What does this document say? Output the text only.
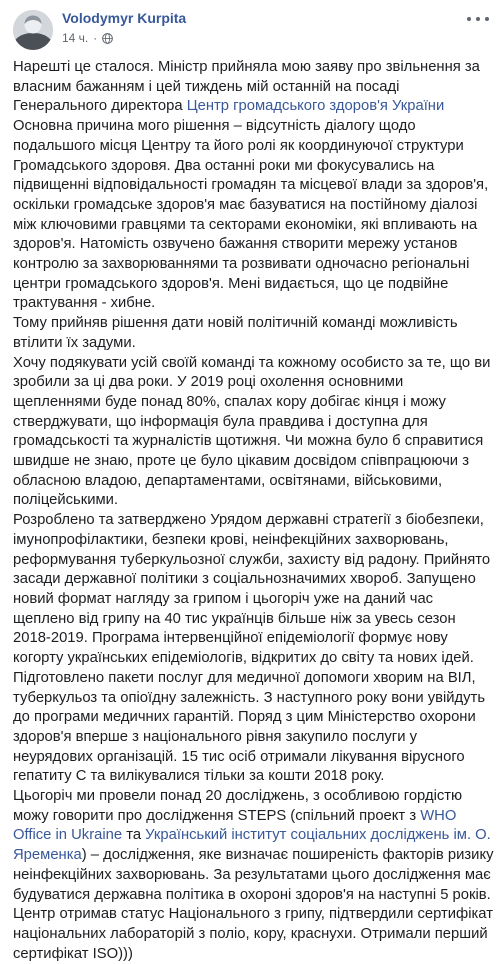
Volodymyr Kurpita
14 ч. ·

Нарешті це сталося. Міністр прийняла мою заяву про звільнення за власним бажанням і цей тиждень мій останній на посаді Генерального директора Центр громадського здоров'я України

Основна причина мого рішення – відсутність діалогу щодо подальшого місця Центру та його ролі як координуючої структури Громадського здоровя. Два останні роки ми фокусувались на підвищенні відповідальності громадян та місцевої влади за здоров'я, оскільки громадське здоров'я має базуватися на постійному діалозі між ключовими гравцями та секторами економіки, які впливають на здоров'я. Натомість озвучено бажання створити мережу установ контролю за захворюваннями та розвивати одночасно регіональні центри громадського здоров'я. Мені видається, що це подвійне трактування - хибне.

Тому прийняв рішення дати новій політичній команді можливість втілити їх задуми.

Хочу подякувати усій своїй команді та кожному особисто за те, що ви зробили за ці два роки. У 2019 році охолення основними щепленнями буде понад 80%, спалах кору добігає кінця і можу стверджувати, що інформація була правдива і доступна для громадськості та журналістів щотижня. Чи можна було б справитися швидше не знаю, проте це було цікавим досвідом співпрацюючи з обласною владою, департаментами, освітянами, військовими, поліцейськими.

Розроблено та затверджено Урядом державні стратегії з біобезпеки, імунопрофілактики, безпеки крові, неінфекційних захворювань, реформування туберкульозної служби, захисту від радону. Прийнято засади державної політики з соціальнозначимих хвороб. Запущено новий формат нагляду за грипом і цьогоріч уже на даний час щеплено від грипу на 40 тис українців більше ніж за увесь сезон 2018-2019. Програма інтервенційної епідеміології формує нову когорту українських епідеміологів, відкритих до світу та нових ідей.

Підготовлено пакети послуг для медичної допомоги хворим на ВІЛ, туберкульоз та опіоїдну залежність. З наступного року вони увійдуть до програми медичних гарантій. Поряд з цим Міністерство охорони здоров'я вперше з національного рівня закупило послуги у неурядових організацій. 15 тис осіб отримали лікування вірусного гепатиту С та вилікувалися тільки за кошти 2018 року.

Цьогоріч ми провели понад 20 досліджень, з особливою гордістю можу говорити про дослідження STEPS (спільний проект з WHO Office in Ukraine та Український інститут соціальних досліджень ім. О. Яременка) – дослідження, яке визначає поширеність факторів ризику неінфекційних захворювань. За результатами цього дослідження має будуватися державна політика в охороні здоров'я на наступні 5 років.

Центр отримав статус Національного з грипу, підтвердили сертифікат національних лабораторій з поліо, кору, краснухи. Отримали перший сертифікат ISO)))
